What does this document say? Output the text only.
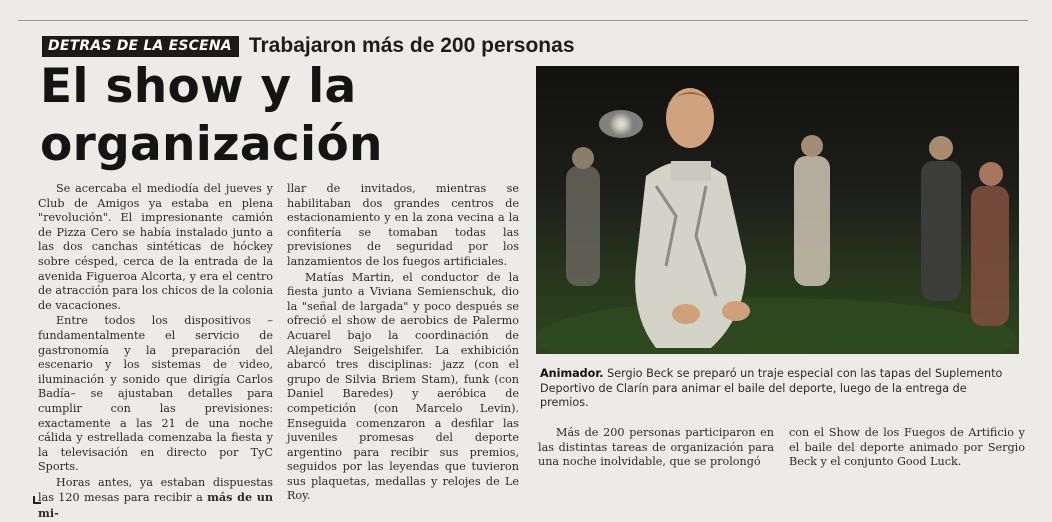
DETRAS DE LA ESCENA Trabajaron más de 200 personas
El show y la
organización

Se acercaba el mediodía del jueves y Club de Amigos ya estaba en plena "revolución". El impresionante camión de Pizza Cero se había instalado junto a las dos canchas sintéticas de hóckey sobre césped, cerca de la entrada de la avenida Figueroa Alcorta, y era el centro de atracción para los chicos de la colonia de vacaciones.

Entre todos los dispositivos –fundamentalmente el servicio de gastronomía y la preparación del escenario y los sistemas de video, iluminación y sonido que dirigía Carlos Badía– se ajustaban detalles para cumplir con las previsiones: exactamente a las 21 de una noche cálida y estrellada comenzaba la fiesta y la televisación en directo por TyC Sports.

Horas antes, ya estaban dispuestas las 120 mesas para recibir a más de un mi-

llar de invitados, mientras se habilitaban dos grandes centros de estacionamiento y en la zona vecina a la confitería se tomaban todas las previsiones de seguridad por los lanzamientos de los fuegos artificiales.

Matías Martin, el conductor de la fiesta junto a Viviana Semienschuk, dio la "señal de largada" y poco después se ofreció el show de aerobics de Palermo Acuarel bajo la coordinación de Alejandro Seigelshifer. La exhibición abarcó tres disciplinas: jazz (con el grupo de Silvia Briem Stam), funk (con Daniel Baredes) y aeróbica de competición (con Marcelo Levin). Enseguida comenzaron a desfilar las juveniles promesas del deporte argentino para recibir sus premios, seguidos por las leyendas que tuvieron sus plaquetas, medallas y relojes de Le Roy.

Animador. Sergio Beck se preparó un traje especial con las tapas del Suplemento Deportivo de Clarín para animar el baile del deporte, luego de la entrega de premios.

Más de 200 personas participaron en las distintas tareas de organización para una noche inolvidable, que se prolongó

con el Show de los Fuegos de Artificio y el baile del deporte animado por Sergio Beck y el conjunto Good Luck.
